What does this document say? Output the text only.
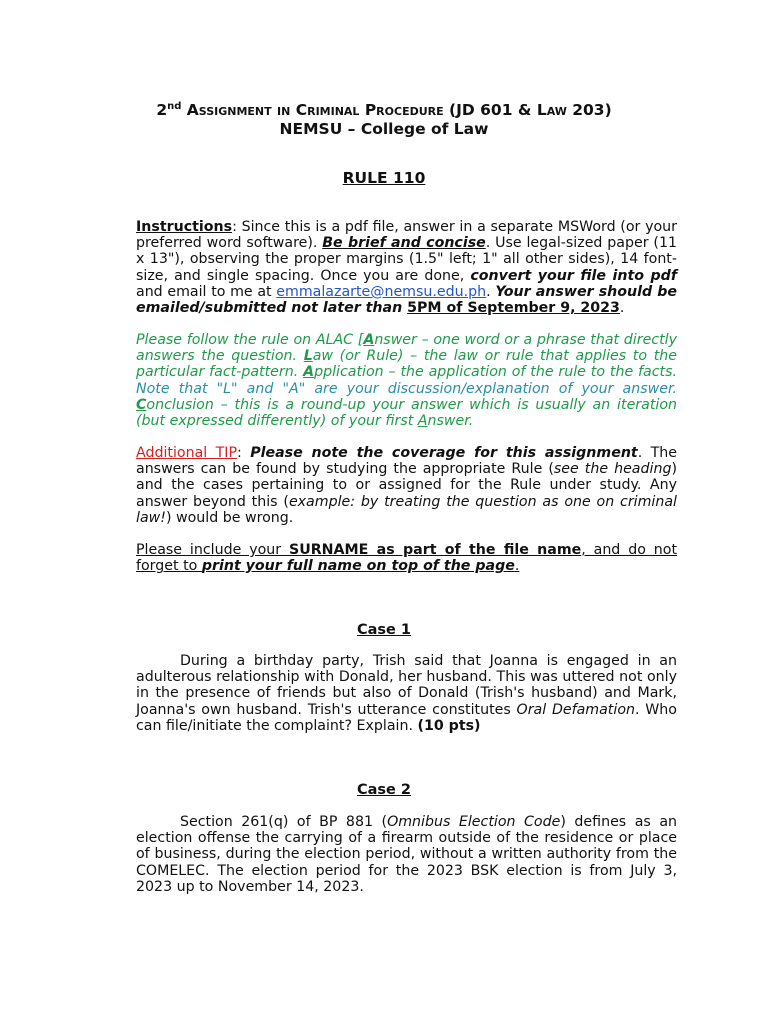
2nd Assignment in Criminal Procedure (JD 601 & Law 203)
NEMSU – College of Law
RULE 110
Instructions: Since this is a pdf file, answer in a separate MSWord (or your preferred word software). Be brief and concise. Use legal-sized paper (11 x 13"), observing the proper margins (1.5" left; 1" all other sides), 14 font-size, and single spacing. Once you are done, convert your file into pdf and email to me at emmalazarte@nemsu.edu.ph. Your answer should be emailed/submitted not later than 5PM of September 9, 2023.
Please follow the rule on ALAC [Answer – one word or a phrase that directly answers the question. Law (or Rule) – the law or rule that applies to the particular fact-pattern. Application – the application of the rule to the facts. Note that "L" and "A" are your discussion/explanation of your answer. Conclusion – this is a round-up your answer which is usually an iteration (but expressed differently) of your first Answer.
Additional TIP: Please note the coverage for this assignment. The answers can be found by studying the appropriate Rule (see the heading) and the cases pertaining to or assigned for the Rule under study. Any answer beyond this (example: by treating the question as one on criminal law!) would be wrong.
Please include your SURNAME as part of the file name, and do not forget to print your full name on top of the page.
Case 1
During a birthday party, Trish said that Joanna is engaged in an adulterous relationship with Donald, her husband. This was uttered not only in the presence of friends but also of Donald (Trish's husband) and Mark, Joanna's own husband. Trish's utterance constitutes Oral Defamation. Who can file/initiate the complaint? Explain. (10 pts)
Case 2
Section 261(q) of BP 881 (Omnibus Election Code) defines as an election offense the carrying of a firearm outside of the residence or place of business, during the election period, without a written authority from the COMELEC. The election period for the 2023 BSK election is from July 3, 2023 up to November 14, 2023.
